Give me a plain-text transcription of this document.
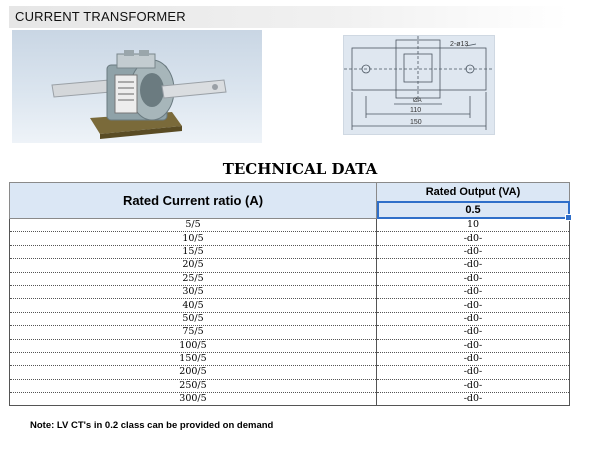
CURRENT TRANSFORMER
2-ø13
ØA
110
150
TECHNICAL DATA
Rated Current ratio (A)	Rated Output (VA)
	0.5

5/5	10
10/5	-d0-
15/5	-d0-
20/5	-d0-
25/5	-d0-
30/5	-d0-
40/5	-d0-
50/5	-d0-
75/5	-d0-
100/5	-d0-
150/5	-d0-
200/5	-d0-
250/5	-d0-
300/5	-d0-
Note: LV CT's in 0.2 class can be provided on demand
